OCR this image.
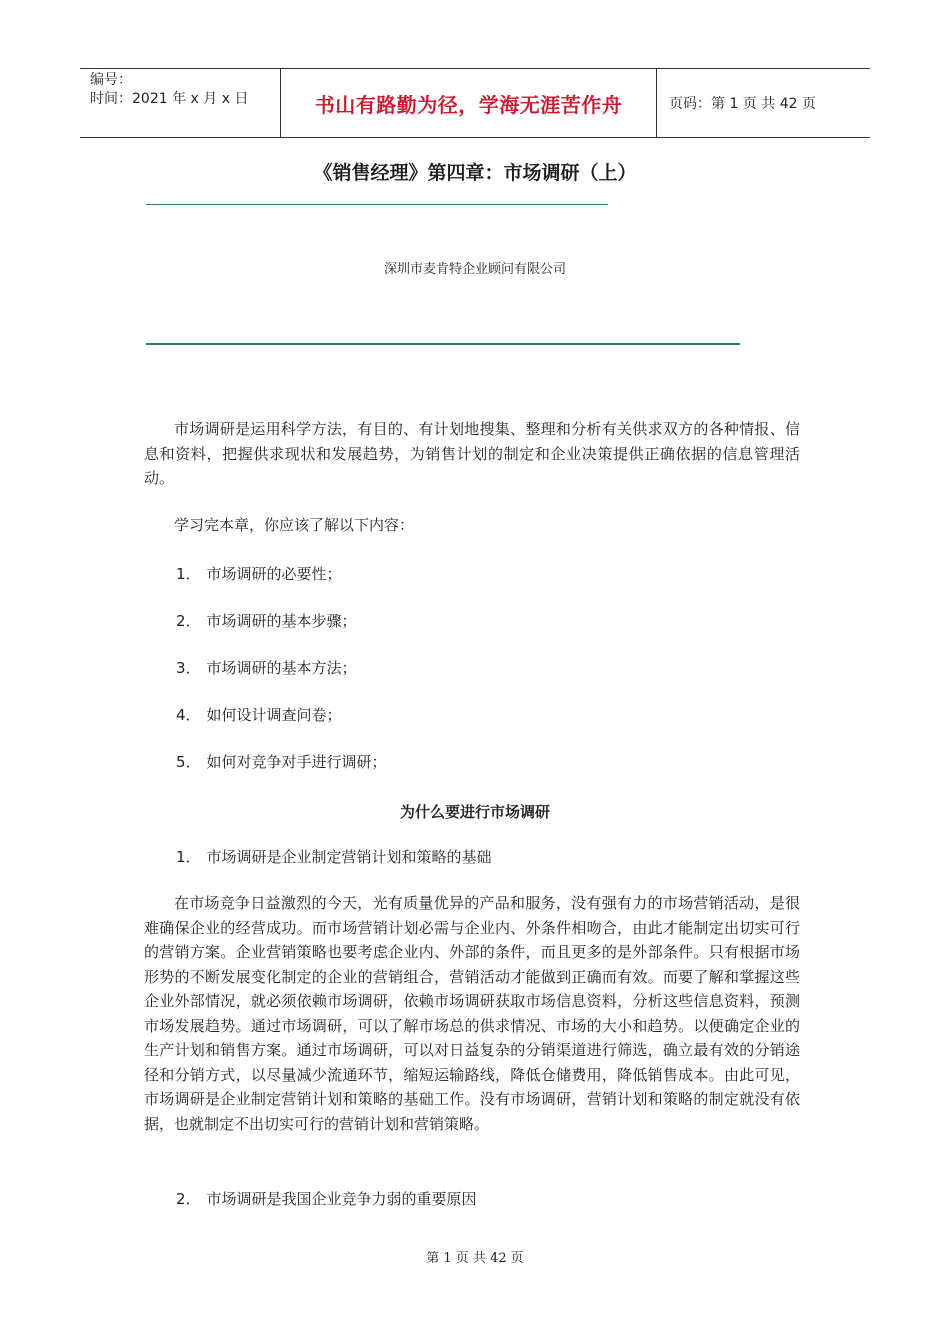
编号：
时间：2021 年 x 月 x 日	书山有路勤为径，学海无涯苦作舟	页码：第 1 页 共 42 页
《销售经理》第四章：市场调研（上）
深圳市麦肯特企业顾问有限公司
市场调研是运用科学方法，有目的、有计划地搜集、整理和分析有关供求双方的各种情报、信息和资料，把握供求现状和发展趋势，为销售计划的制定和企业决策提供正确依据的信息管理活动。
学习完本章，你应该了解以下内容：
1． 市场调研的必要性；
2． 市场调研的基本步骤；
3． 市场调研的基本方法；
4． 如何设计调查问卷；
5． 如何对竞争对手进行调研；
为什么要进行市场调研
1． 市场调研是企业制定营销计划和策略的基础
在市场竞争日益激烈的今天，光有质量优异的产品和服务，没有强有力的市场营销活动，是很难确保企业的经营成功。而市场营销计划必需与企业内、外条件相吻合，由此才能制定出切实可行的营销方案。企业营销策略也要考虑企业内、外部的条件，而且更多的是外部条件。只有根据市场形势的不断发展变化制定的企业的营销组合，营销活动才能做到正确而有效。而要了解和掌握这些企业外部情况，就必须依赖市场调研，依赖市场调研获取市场信息资料，分析这些信息资料，预测市场发展趋势。通过市场调研，可以了解市场总的供求情况、市场的大小和趋势。以便确定企业的生产计划和销售方案。通过市场调研，可以对日益复杂的分销渠道进行筛选，确立最有效的分销途径和分销方式，以尽量减少流通环节，缩短运输路线，降低仓储费用，降低销售成本。由此可见，市场调研是企业制定营销计划和策略的基础工作。没有市场调研，营销计划和策略的制定就没有依据，也就制定不出切实可行的营销计划和营销策略。
2． 市场调研是我国企业竞争力弱的重要原因
第 1 页 共 42 页
